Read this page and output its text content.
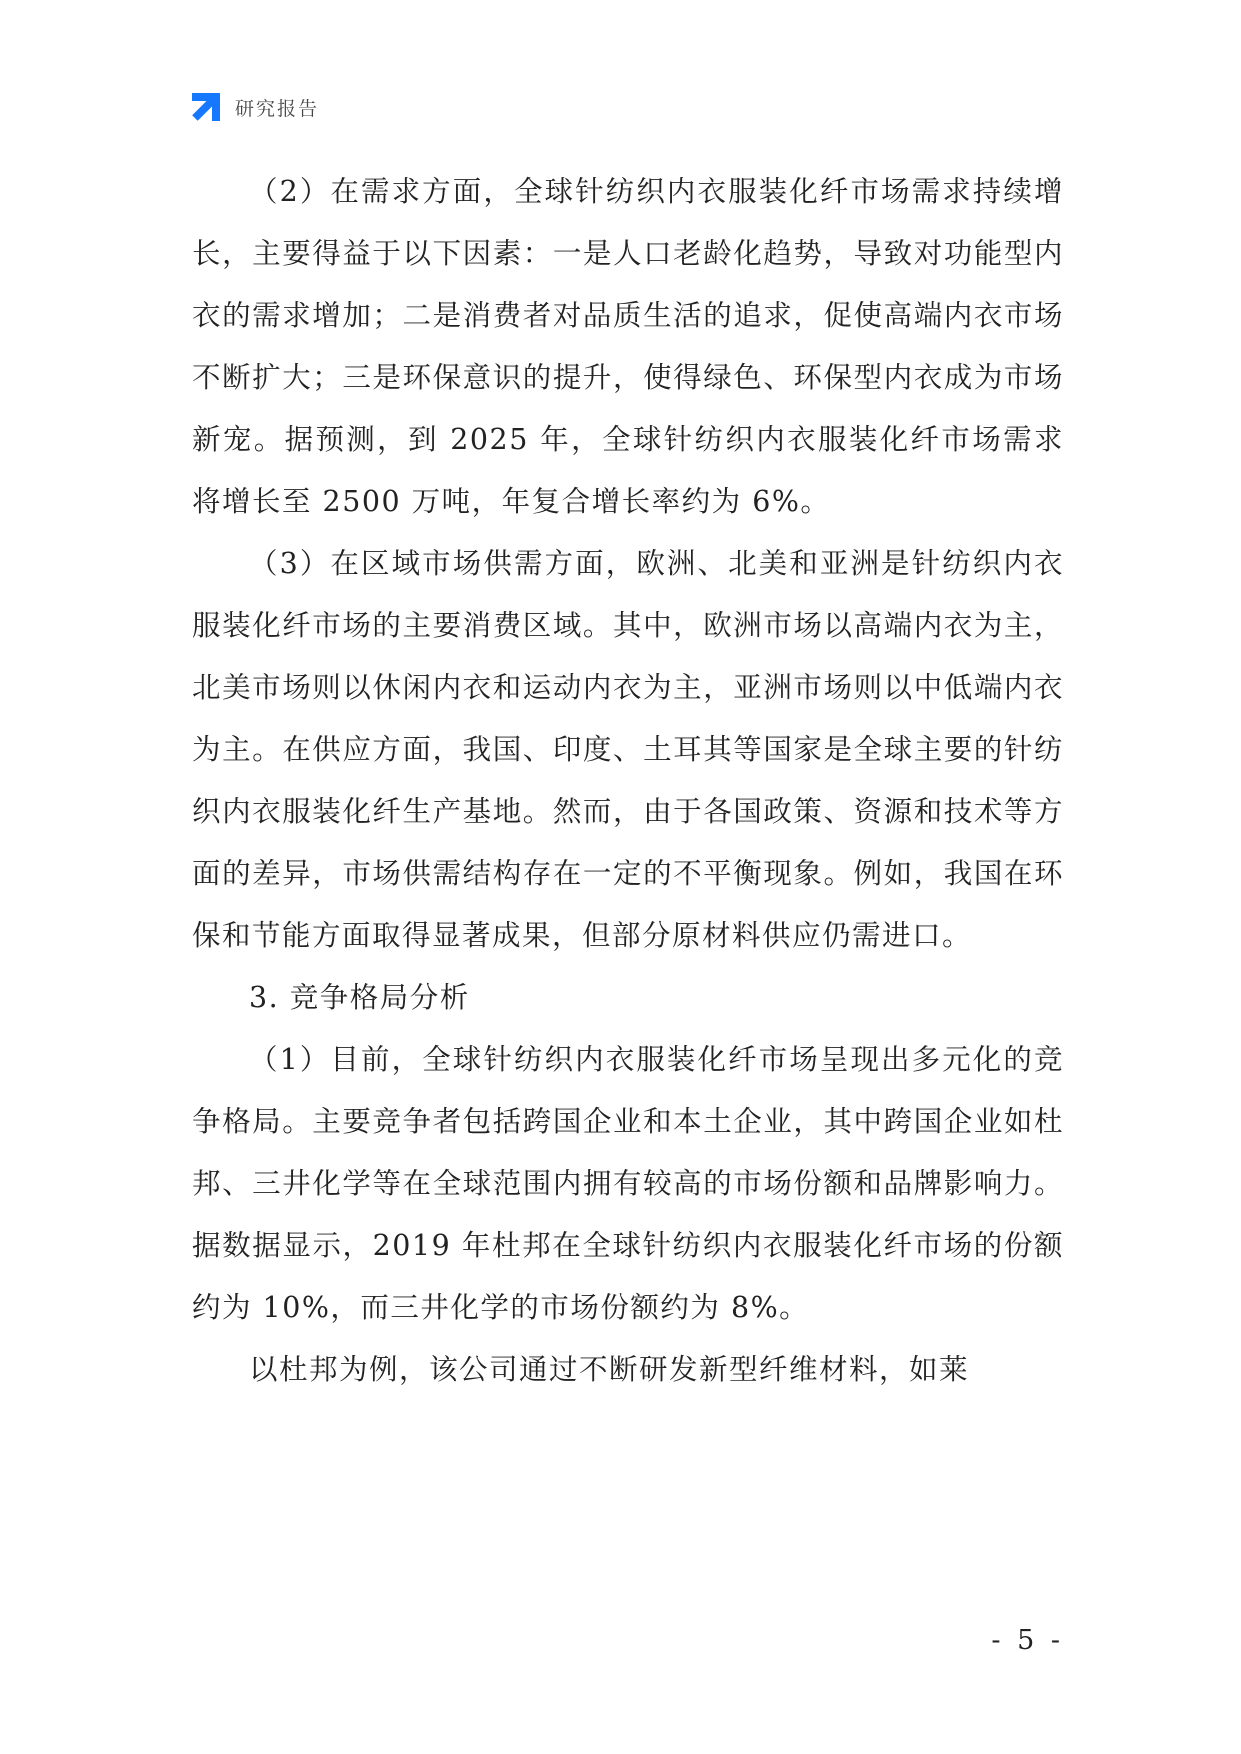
研究报告

（2）在需求方面，全球针纺织内衣服装化纤市场需求持续增长，主要得益于以下因素：一是人口老龄化趋势，导致对功能型内衣的需求增加；二是消费者对品质生活的追求，促使高端内衣市场不断扩大；三是环保意识的提升，使得绿色、环保型内衣成为市场新宠。据预测，到 2025 年，全球针纺织内衣服装化纤市场需求将增长至 2500 万吨，年复合增长率约为 6%。

（3）在区域市场供需方面，欧洲、北美和亚洲是针纺织内衣服装化纤市场的主要消费区域。其中，欧洲市场以高端内衣为主，北美市场则以休闲内衣和运动内衣为主，亚洲市场则以中低端内衣为主。在供应方面，我国、印度、土耳其等国家是全球主要的针纺织内衣服装化纤生产基地。然而，由于各国政策、资源和技术等方面的差异，市场供需结构存在一定的不平衡现象。例如，我国在环保和节能方面取得显著成果，但部分原材料供应仍需进口。

3. 竞争格局分析

（1）目前，全球针纺织内衣服装化纤市场呈现出多元化的竞争格局。主要竞争者包括跨国企业和本土企业，其中跨国企业如杜邦、三井化学等在全球范围内拥有较高的市场份额和品牌影响力。据数据显示，2019 年杜邦在全球针纺织内衣服装化纤市场的份额约为 10%，而三井化学的市场份额约为 8%。

以杜邦为例，该公司通过不断研发新型纤维材料，如莱

- 5 -
